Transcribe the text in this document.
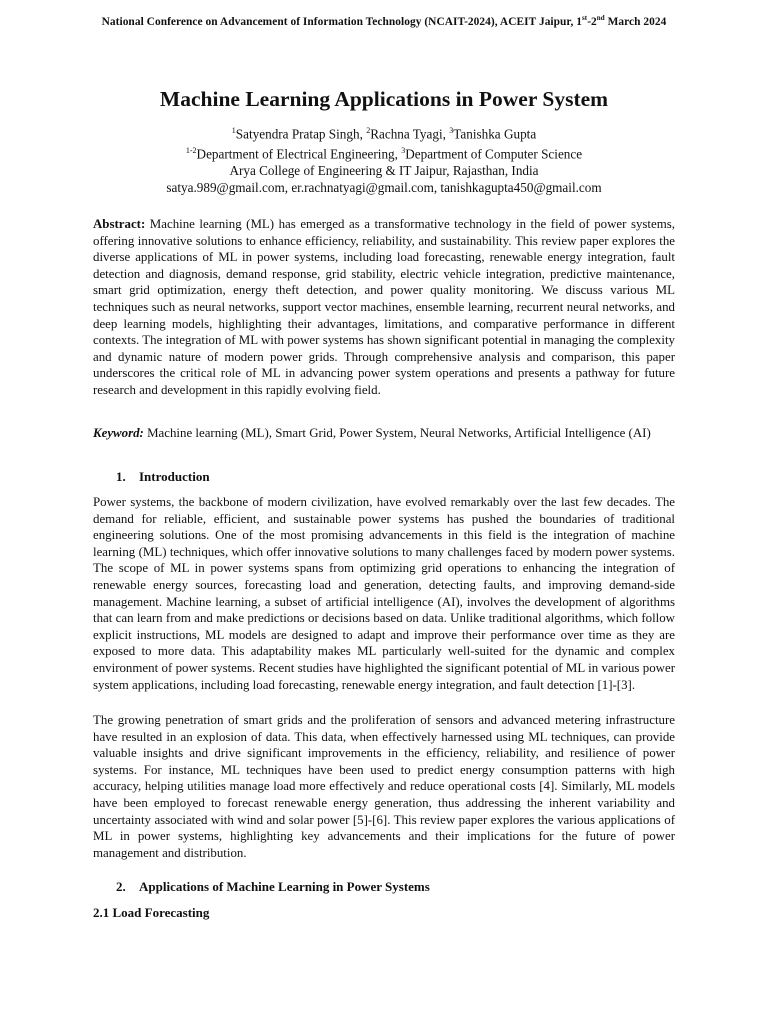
National Conference on Advancement of Information Technology (NCAIT-2024), ACEIT Jaipur, 1st-2nd March 2024
Machine Learning Applications in Power System
$^1$Satyendra Pratap Singh, $^2$Rachna Tyagi, $^3$Tanishka Gupta
$^{1-2}$Department of Electrical Engineering, $^3$Department of Computer Science
Arya College of Engineering & IT Jaipur, Rajasthan, India
satya.989@gmail.com, er.rachnatyagi@gmail.com, tanishkagupta450@gmail.com

Abstract: Machine learning (ML) has emerged as a transformative technology in the field of power systems, offering innovative solutions to enhance efficiency, reliability, and sustainability. This review paper explores the diverse applications of ML in power systems, including load forecasting, renewable energy integration, fault detection and diagnosis, demand response, grid stability, electric vehicle integration, predictive maintenance, smart grid optimization, energy theft detection, and power quality monitoring. We discuss various ML techniques such as neural networks, support vector machines, ensemble learning, recurrent neural networks, and deep learning models, highlighting their advantages, limitations, and comparative performance in different contexts. The integration of ML with power systems has shown significant potential in managing the complexity and dynamic nature of modern power grids. Through comprehensive analysis and comparison, this paper underscores the critical role of ML in advancing power system operations and presents a pathway for future research and development in this rapidly evolving field.

Keyword: Machine learning (ML), Smart Grid, Power System, Neural Networks, Artificial Intelligence (AI)

1. Introduction

Power systems, the backbone of modern civilization, have evolved remarkably over the last few decades. The demand for reliable, efficient, and sustainable power systems has pushed the boundaries of traditional engineering solutions. One of the most promising advancements in this field is the integration of machine learning (ML) techniques, which offer innovative solutions to many challenges faced by modern power systems. The scope of ML in power systems spans from optimizing grid operations to enhancing the integration of renewable energy sources, forecasting load and generation, detecting faults, and improving demand-side management. Machine learning, a subset of artificial intelligence (AI), involves the development of algorithms that can learn from and make predictions or decisions based on data. Unlike traditional algorithms, which follow explicit instructions, ML models are designed to adapt and improve their performance over time as they are exposed to more data. This adaptability makes ML particularly well-suited for the dynamic and complex environment of power systems. Recent studies have highlighted the significant potential of ML in various power system applications, including load forecasting, renewable energy integration, and fault detection [1]-[3].

The growing penetration of smart grids and the proliferation of sensors and advanced metering infrastructure have resulted in an explosion of data. This data, when effectively harnessed using ML techniques, can provide valuable insights and drive significant improvements in the efficiency, reliability, and resilience of power systems. For instance, ML techniques have been used to predict energy consumption patterns with high accuracy, helping utilities manage load more effectively and reduce operational costs [4]. Similarly, ML models have been employed to forecast renewable energy generation, thus addressing the inherent variability and uncertainty associated with wind and solar power [5]-[6]. This review paper explores the various applications of ML in power systems, highlighting key advancements and their implications for the future of power management and distribution.

2. Applications of Machine Learning in Power Systems
2.1 Load Forecasting
